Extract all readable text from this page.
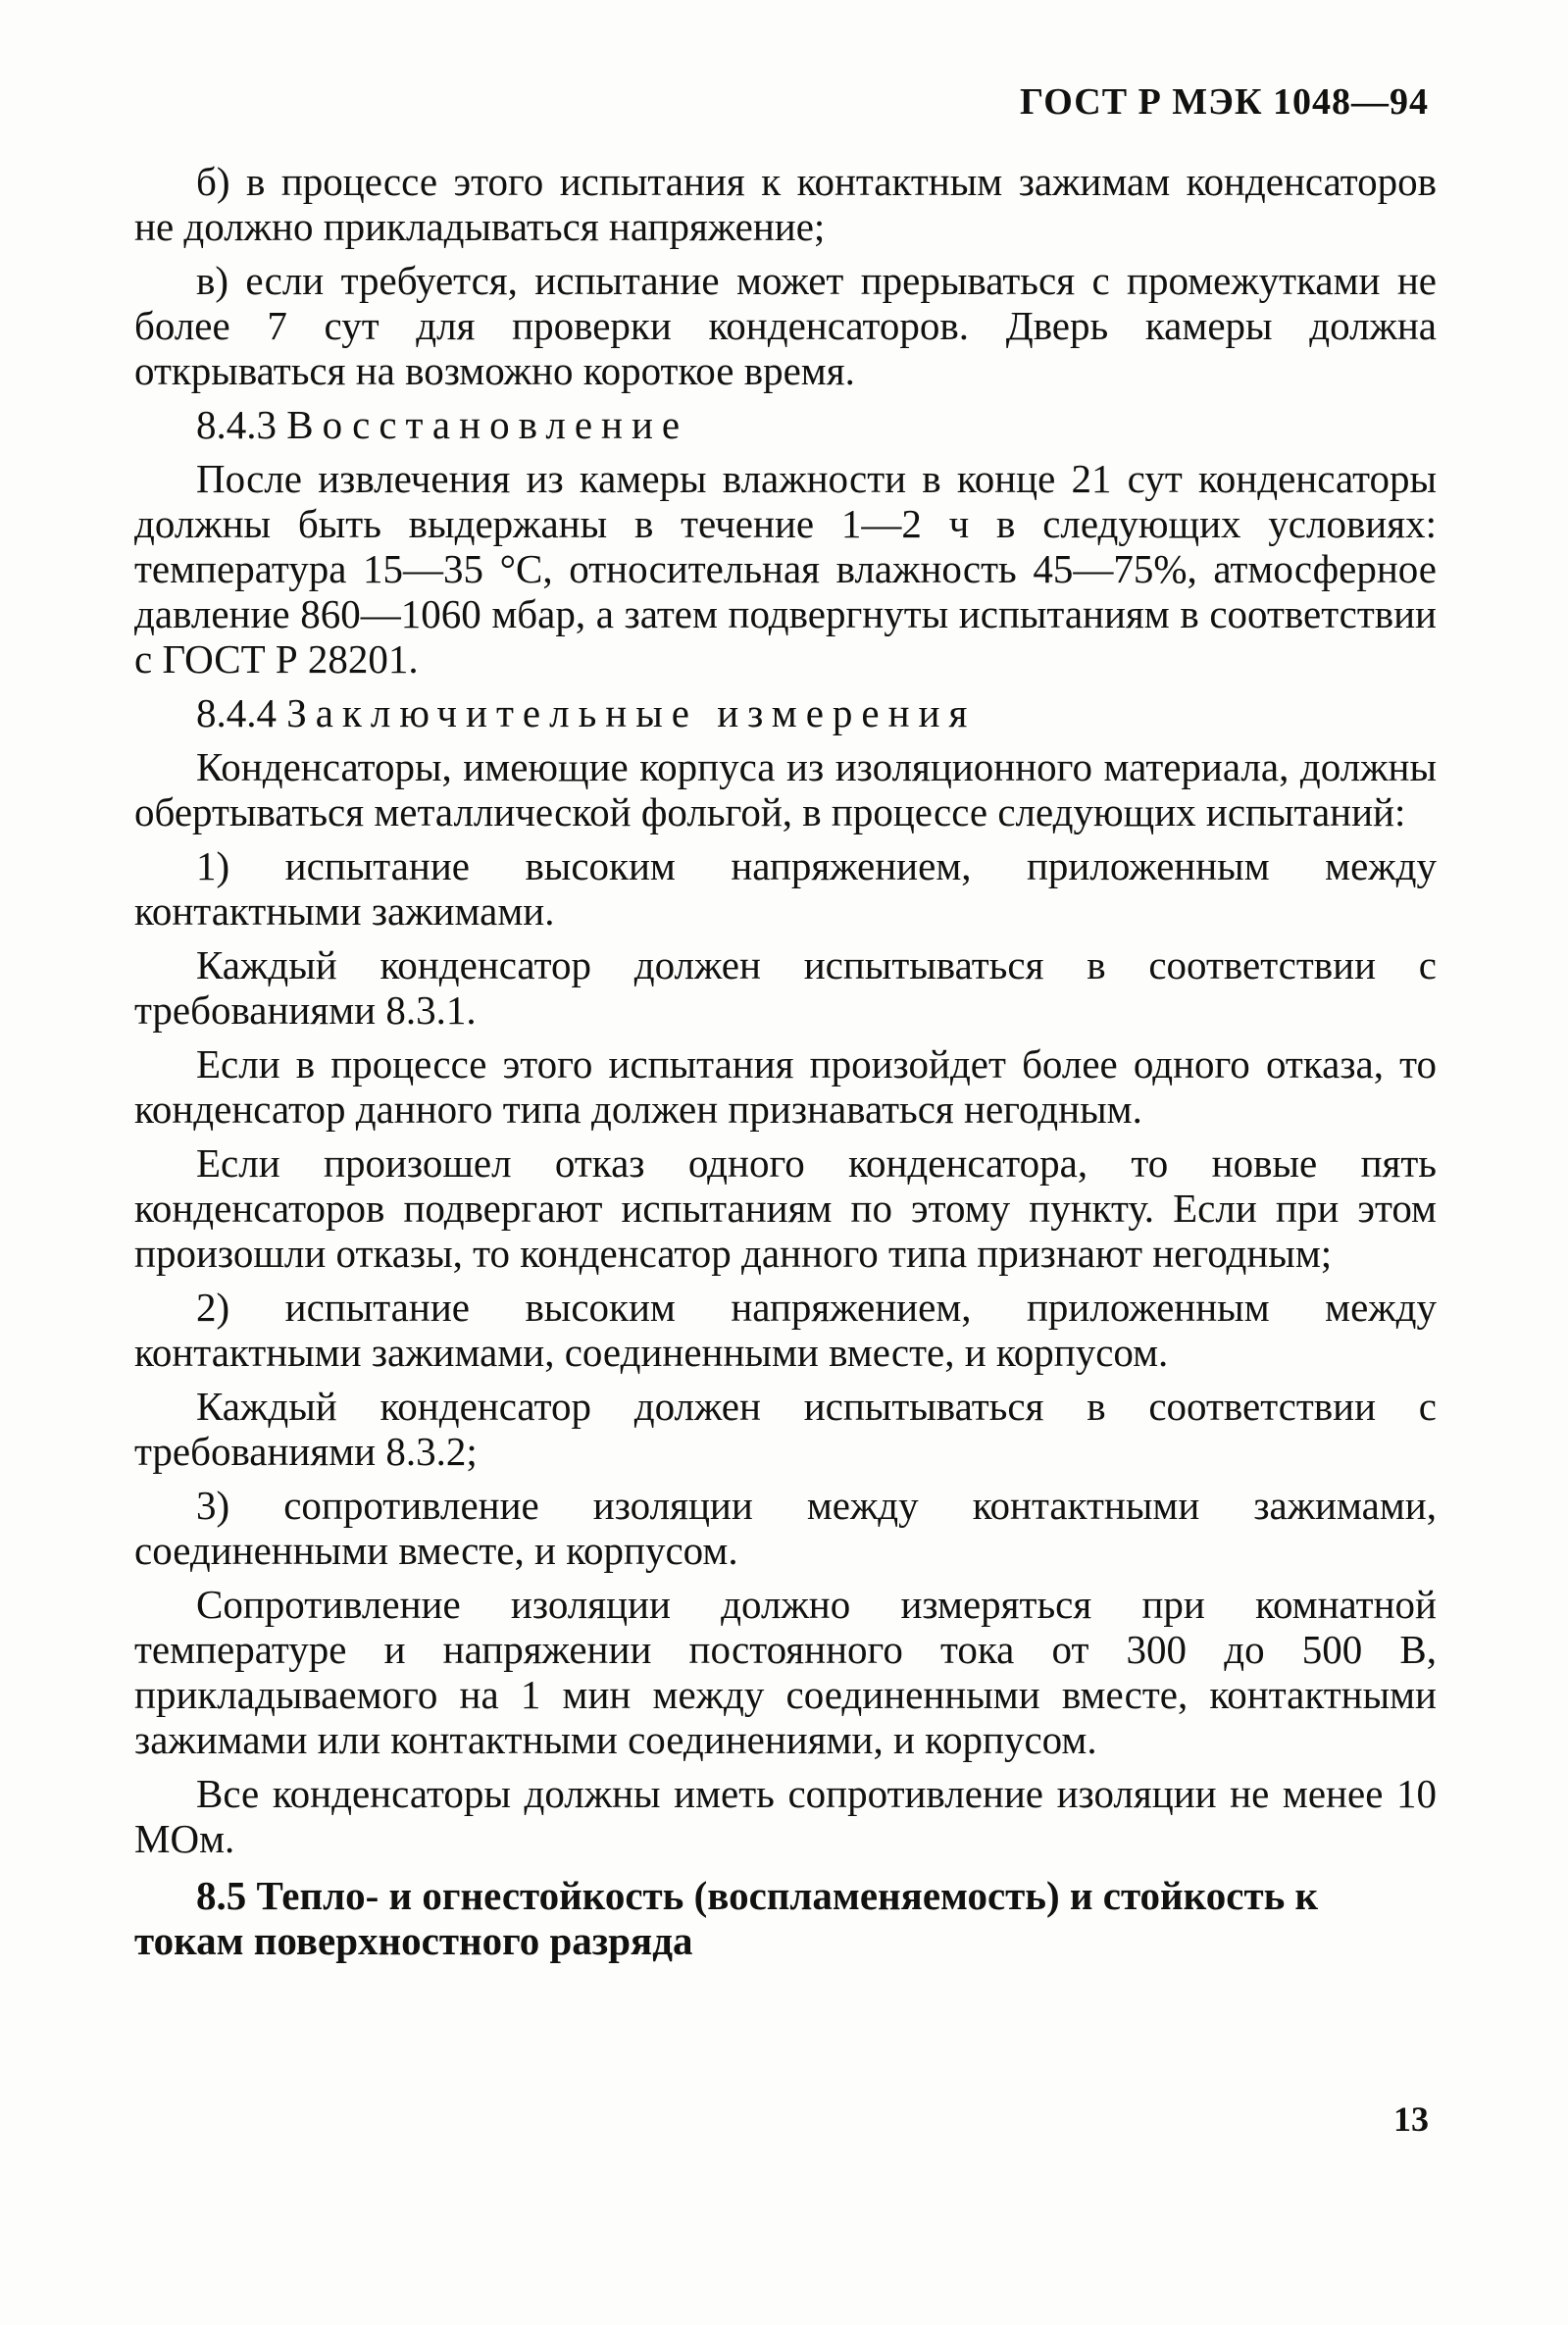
ГОСТ Р МЭК 1048—94

б) в процессе этого испытания к контактным зажимам конденсаторов не должно прикладываться напряжение;

в) если требуется, испытание может прерываться с промежутками не более 7 сут для проверки конденсаторов. Дверь камеры должна открываться на возможно короткое время.

8.4.3 Восстановление

После извлечения из камеры влажности в конце 21 сут конденсаторы должны быть выдержаны в течение 1—2 ч в следующих условиях: температура 15—35 °С, относительная влажность 45—75%, атмосферное давление 860—1060 мбар, а затем подвергнуты испытаниям в соответствии с ГОСТ Р 28201.

8.4.4 Заключительные измерения

Конденсаторы, имеющие корпуса из изоляционного материала, должны обертываться металлической фольгой, в процессе следующих испытаний:

1) испытание высоким напряжением, приложенным между контактными зажимами.

Каждый конденсатор должен испытываться в соответствии с требованиями 8.3.1.

Если в процессе этого испытания произойдет более одного отказа, то конденсатор данного типа должен признаваться негодным.

Если произошел отказ одного конденсатора, то новые пять конденсаторов подвергают испытаниям по этому пункту. Если при этом произошли отказы, то конденсатор данного типа признают негодным;

2) испытание высоким напряжением, приложенным между контактными зажимами, соединенными вместе, и корпусом.

Каждый конденсатор должен испытываться в соответствии с требованиями 8.3.2;

3) сопротивление изоляции между контактными зажимами, соединенными вместе, и корпусом.

Сопротивление изоляции должно измеряться при комнатной температуре и напряжении постоянного тока от 300 до 500 В, прикладываемого на 1 мин между соединенными вместе, контактными зажимами или контактными соединениями, и корпусом.

Все конденсаторы должны иметь сопротивление изоляции не менее 10 МОм.

8.5 Тепло- и огнестойкость (воспламеняемость) и стойкость к токам поверхностного разряда

13
